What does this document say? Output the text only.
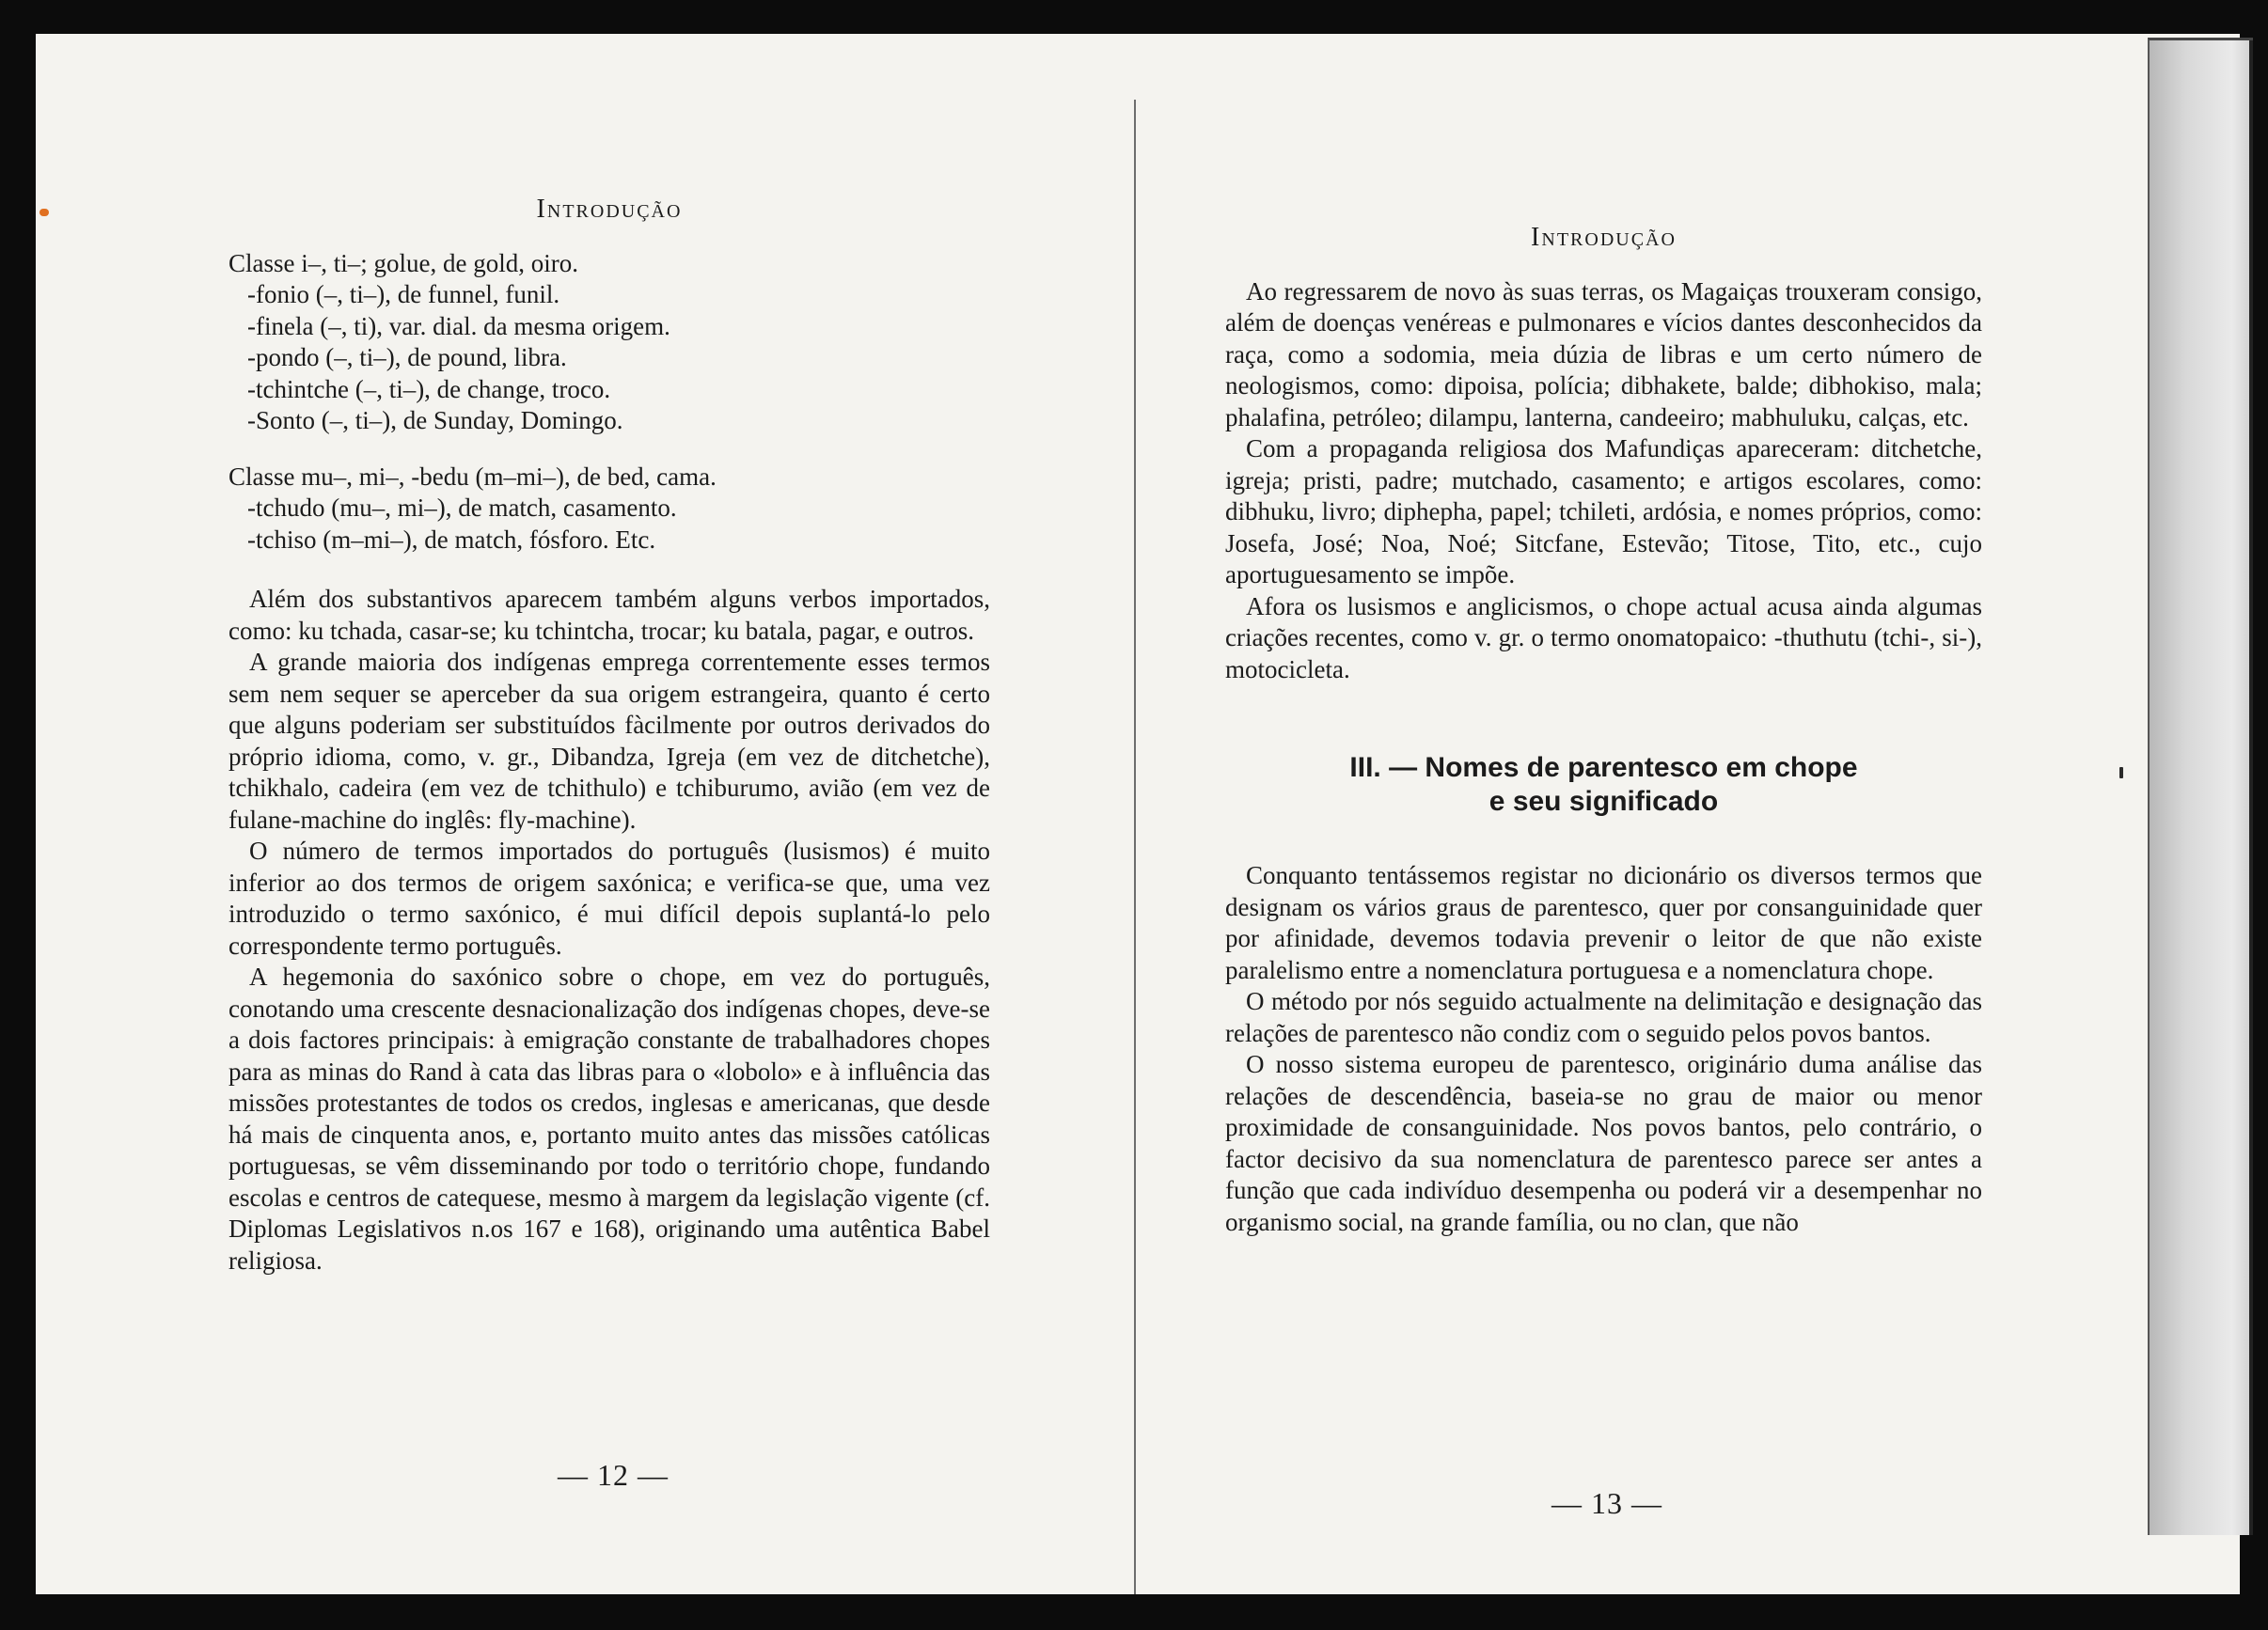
Introdução
Classe i–, ti–; golue, de gold, oiro.
-fonio (–, ti–), de funnel, funil.
-finela (–, ti), var. dial. da mesma origem.
-pondo (–, ti–), de pound, libra.
-tchintche (–, ti–), de change, troco.
-Sonto (–, ti–), de Sunday, Domingo.
Classe mu–, mi–, -bedu (m–mi–), de bed, cama.
-tchudo (mu–, mi–), de match, casamento.
-tchiso (m–mi–), de match, fósforo. Etc.

Além dos substantivos aparecem também alguns verbos importados, como: ku tchada, casar-se; ku tchintcha, trocar; ku batala, pagar, e outros.

A grande maioria dos indígenas emprega correntemente esses termos sem nem sequer se aperceber da sua origem estrangeira, quanto é certo que alguns poderiam ser substituídos fàcilmente por outros derivados do próprio idioma, como, v. gr., Dibandza, Igreja (em vez de ditchetche), tchikhalo, cadeira (em vez de tchithulo) e tchiburumo, avião (em vez de fulane-machine do inglês: fly-machine).

O número de termos importados do português (lusismos) é muito inferior ao dos termos de origem saxónica; e verifica-se que, uma vez introduzido o termo saxónico, é mui difícil depois suplantá-lo pelo correspondente termo português.

A hegemonia do saxónico sobre o chope, em vez do português, conotando uma crescente desnacionalização dos indígenas chopes, deve-se a dois factores principais: à emigração constante de trabalhadores chopes para as minas do Rand à cata das libras para o «lobolo» e à influência das missões protestantes de todos os credos, inglesas e americanas, que desde há mais de cinquenta anos, e, portanto muito antes das missões católicas portuguesas, se vêm disseminando por todo o território chope, fundando escolas e centros de catequese, mesmo à margem da legislação vigente (cf. Diplomas Legislativos n.os 167 e 168), originando uma autêntica Babel religiosa.

— 12 —
Introdução

Ao regressarem de novo às suas terras, os Magaiças trouxeram consigo, além de doenças venéreas e pulmonares e vícios dantes desconhecidos da raça, como a sodomia, meia dúzia de libras e um certo número de neologismos, como: dipoisa, polícia; dibhakete, balde; dibhokiso, mala; phalafina, petróleo; dilampu, lanterna, candeeiro; mabhuluku, calças, etc.

Com a propaganda religiosa dos Mafundiças apareceram: ditchetche, igreja; pristi, padre; mutchado, casamento; e artigos escolares, como: dibhuku, livro; diphepha, papel; tchileti, ardósia, e nomes próprios, como: Josefa, José; Noa, Noé; Sitcfane, Estevão; Titose, Tito, etc., cujo aportuguesamento se impõe.

Afora os lusismos e anglicismos, o chope actual acusa ainda algumas criações recentes, como v. gr. o termo onomatopaico: -thuthutu (tchi-, si-), motocicleta.

III. — Nomes de parentesco em chope
e seu significado

Conquanto tentássemos registar no dicionário os diversos termos que designam os vários graus de parentesco, quer por consanguinidade quer por afinidade, devemos todavia prevenir o leitor de que não existe paralelismo entre a nomenclatura portuguesa e a nomenclatura chope.

O método por nós seguido actualmente na delimitação e designação das relações de parentesco não condiz com o seguido pelos povos bantos.

O nosso sistema europeu de parentesco, originário duma análise das relações de descendência, baseia-se no grau de maior ou menor proximidade de consanguinidade. Nos povos bantos, pelo contrário, o factor decisivo da sua nomenclatura de parentesco parece ser antes a função que cada indivíduo desempenha ou poderá vir a desempenhar no organismo social, na grande família, ou no clan, que não

— 13 —
